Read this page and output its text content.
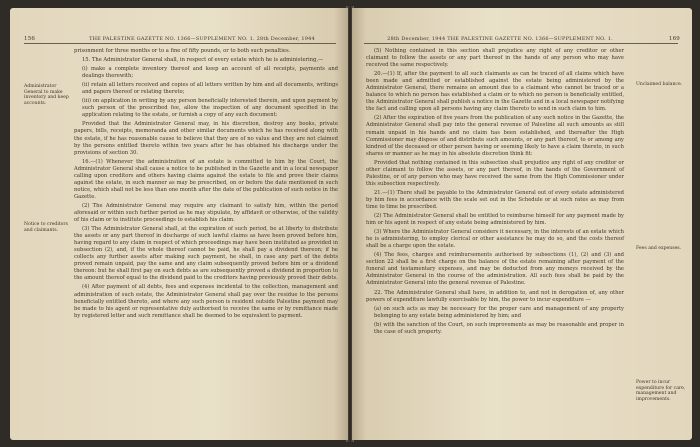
156	THE PALESTINE GAZETTE NO. 1366—SUPPLEMENT NO. 1. 28th December, 1944
Administrator General to make inventory and keep accounts.
Notice to creditors and claimants.

prisonment for three months or to a fine of fifty pounds, or to both such penalties.

15. The Administrator General shall, in respect of every estate which he is administering,—

(i) make a complete inventory thereof and keep an account of all receipts, payments and dealings therewith;

(ii) retain all letters received and copies of all letters written by him and all documents, writings and papers thereof or relating thereto;

(iii) on application in writing by any person beneficially interested therein, and upon payment by such person of the prescribed fee, allow the inspection of any document specified in the application relating to the estate, or furnish a copy of any such document:

Provided that the Administrator General may, in his discretion, destroy any books, private papers, bills, receipts, memoranda and other similar documents which he has received along with the estate, if he has reasonable cause to believe that they are of no value and they are not claimed by the persons entitled thereto within two years after he has obtained his discharge under the provisions of section 30.

16.—(1) Whenever the administration of an estate is committed to him by the Court, the Administrator General shall cause a notice to be published in the Gazette and in a local newspaper calling upon creditors and others having claims against the estate to file and prove their claims against the estate, in such manner as may be prescribed, on or before the date mentioned in such notice, which shall not be less than one month after the date of the publication of such notice in the Gazette.

(2) The Administrator General may require any claimant to satisfy him, within the period aforesaid or within such further period as he may stipulate, by affidavit or otherwise, of the validity of his claim or to institute proceedings to establish his claim.

(3) The Administrator General shall, at the expiration of such period, be at liberty to distribute the assets or any part thereof in discharge of such lawful claims as have been proved before him, having regard to any claim in respect of which proceedings may have been instituted as provided in subsection (2), and, if the whole thereof cannot be paid, he shall pay a dividend thereon; if he collects any further assets after making such payment, he shall, in case any part of the debts proved remain unpaid, pay the same and any claim subsequently proved before him or a dividend thereon: but he shall first pay on such debts as are subsequently proved a dividend in proportion to the amount thereof equal to the dividend paid to the creditors having previously proved their debts.

(4) After payment of all debts, fees and expenses incidental to the collection, management and administration of such estate, the Administrator General shall pay over the residue to the persons beneficially entitled thereto, and where any such person is resident outside Palestine payment may be made to his agent or representative duly authorised to receive the same or by remittance made by registered letter and such remittance shall be deemed to be equivalent to payment.

169
28th December, 1944 THE PALESTINE GAZETTE NO. 1366—SUPPLEMENT NO. 1.
Unclaimed balance.
Fees and expenses.
Power to incur expenditure for care, management and improvements.

(5) Nothing contained in this section shall prejudice any right of any creditor or other claimant to follow the assets or any part thereof in the hands of any person who may have received the same respectively.

20.—(1) If, after the payment to all such claimants as can be traced of all claims which have been made and admitted or established against the estate being administered by the Administrator General, there remains an amount due to a claimant who cannot be traced or a balance to which no person has established a claim or to which no person is beneficially entitled, the Administrator General shall publish a notice in the Gazette and in a local newspaper notifying the fact and calling upon all persons having any claim thereto to send in such claim to him.

(2) After the expiration of five years from the publication of any such notice in the Gazette, the Administrator General shall pay into the general revenue of Palestine all such amounts as still remain unpaid in his hands and no claim has been established, and thereafter the High Commissioner may dispose of and distribute such amounts, or any part thereof, to or among any kindred of the deceased or other person having or seeming likely to have a claim thereto, in such shares or manner as he may in his absolute discretion think fit:

Provided that nothing contained in this subsection shall prejudice any right of any creditor or other claimant to follow the assets, or any part thereof, in the hands of the Government of Palestine, or of any person who may have received the same from the High Commissioner under this subsection respectively.

21.—(1) There shall be payable to the Administrator General out of every estate administered by him fees in accordance with the scale set out in the Schedule or at such rates as may from time to time be prescribed.

(2) The Administrator General shall be entitled to reimburse himself for any payment made by him or his agent in respect of any estate being administered by him.

(3) Where the Administrator General considers it necessary, in the interests of an estate which he is administering, to employ clerical or other assistance he may do so, and the costs thereof shall be a charge upon the estate.

(4) The fees, charges and reimbursements authorised by subsections (1), (2) and (3) and section 22 shall be a first charge on the balance of the estate remaining after payment of the funeral and testamentary expenses, and may be deducted from any moneys received by the Administrator General in the course of the administration. All such fees shall be paid by the Administrator General into the general revenue of Palestine.

22. The Administrator General shall have, in addition to, and not in derogation of, any other powers of expenditure lawfully exercisable by him, the power to incur expenditure —

(a) on such acts as may be necessary for the proper care and management of any property belonging to any estate being administered by him; and

(b) with the sanction of the Court, on such improvements as may be reasonable and proper in the case of such property.
